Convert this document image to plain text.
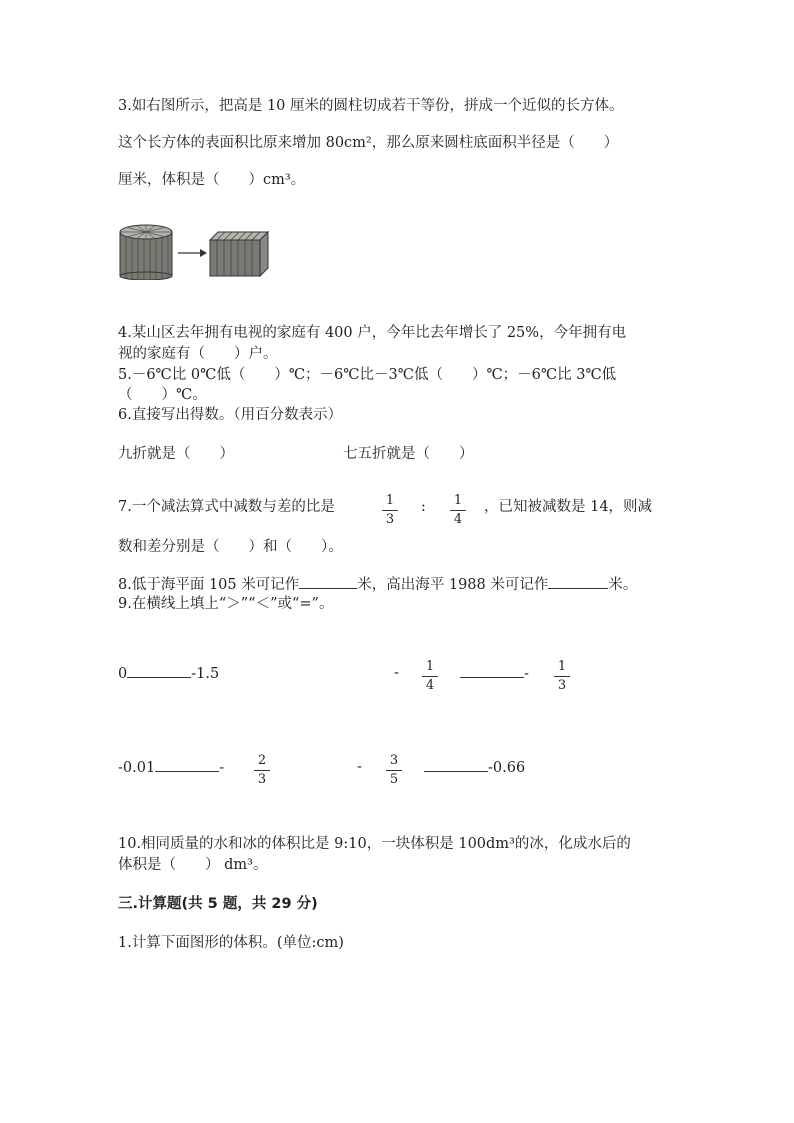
3.如右图所示，把高是 10 厘米的圆柱切成若干等份，拼成一个近似的长方体。
这个长方体的表面积比原来增加 80cm²，那么原来圆柱底面积半径是（　　）
厘米，体积是（　　）cm³。
4.某山区去年拥有电视的家庭有 400 户，今年比去年增长了 25%，今年拥有电
视的家庭有（　　）户。
5.－6℃比 0℃低（　　）℃；－6℃比－3℃低（　　）℃；－6℃比 3℃低
（　　）℃。
6.直接写出得数。（用百分数表示）
九折就是（　　）	七五折就是（　　）
7.一个减法算式中减数与差的比是	1
3
: 1
4
，已知被减数是 14，则减
数和差分别是（　　）和（　　）。
8.低于海平面 105 米可记作	米，高出海平 1988 米可记作	米。
9.在横线上填上“＞”“＜”或“=”。
0	-1.5	- 1
4
- 1
3
-0.01	-	2
3
- 3
5
-0.66
10.相同质量的水和冰的体积比是 9:10，一块体积是 100dm³的冰，化成水后的
体积是（　　） dm³。
三.计算题(共 5 题，共 29 分)
1.计算下面图形的体积。(单位:cm)
